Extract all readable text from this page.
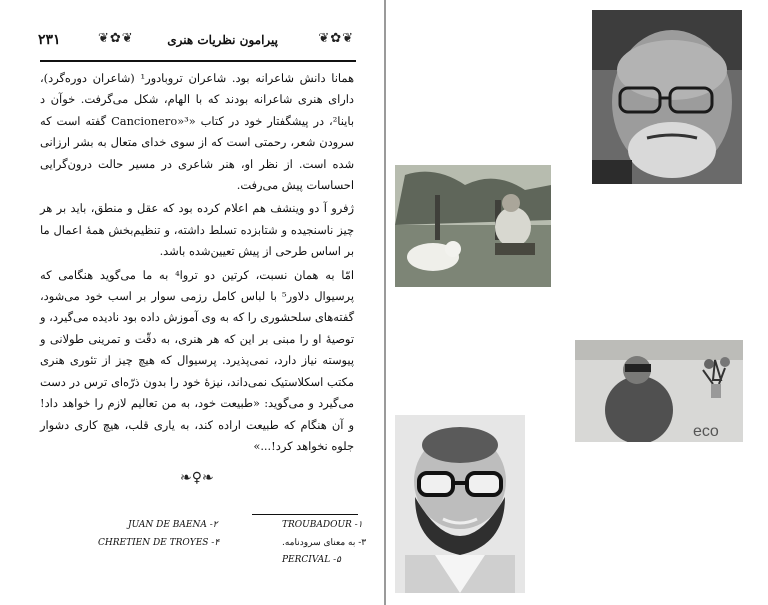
❦✿❦
پیرامون نظریات هنری
❦✿❦
۲۳۱

همانا دانش شاعرانه بود. شاعران تروبادور¹ (شاعران دوره‌گرد)، دارای هنری شاعرانه بودند که با الهام، شکل می‌گرفت. خوآن د باینا²، در پیشگفتار خود در کتاب «Cancionero»³ گفته است که سرودن شعر، رحمتی است که از سوی خدای متعال به بشر ارزانی شده است. از نظر او، هنر شاعری در مسیر حالت درون‌گرایی احساسات پیش می‌رفت.

ژفرو آ دو وینشف هم اعلام کرده بود که عقل و منطق، باید بر هر چیز ناسنجیده و شتابزده تسلط داشته، و تنظیم‌بخش همهٔ اعمال ما بر اساس طرحی از پیش تعیین‌شده باشد.

امّا به همان نسبت، کرتین دو تروا⁴ به ما می‌گوید هنگامی که پرسیوال دلاور⁵ با لباس کامل رزمی سوار بر اسب خود می‌شود، گفته‌های سلحشوری را که به وی آموزش داده بود نادیده می‌گیرد، و توصیهٔ او را مبنی بر این که هر هنری، به دقّت و تمرینی طولانی و پیوسته نیاز دارد، نمی‌پذیرد. پرسیوال که هیچ چیز از تئوری هنری مکتب اسکلاستیک نمی‌داند، نیزهٔ خود را بدون ذرّه‌ای ترس در دست می‌گیرد و می‌گوید: «طبیعت خود، به من تعالیم لازم را خواهد داد! و آن هنگام که طبیعت اراده کند، به یاری قلب، هیچ کاری دشوار جلوه نخواهد کرد!...»

❧♀❧
TROUBADOUR -۱
JUAN DE BAENA -۲
۳- به معنای سرودنامه.
CHRETIEN DE TROYES -۴
PERCIVAL -۵
eco
